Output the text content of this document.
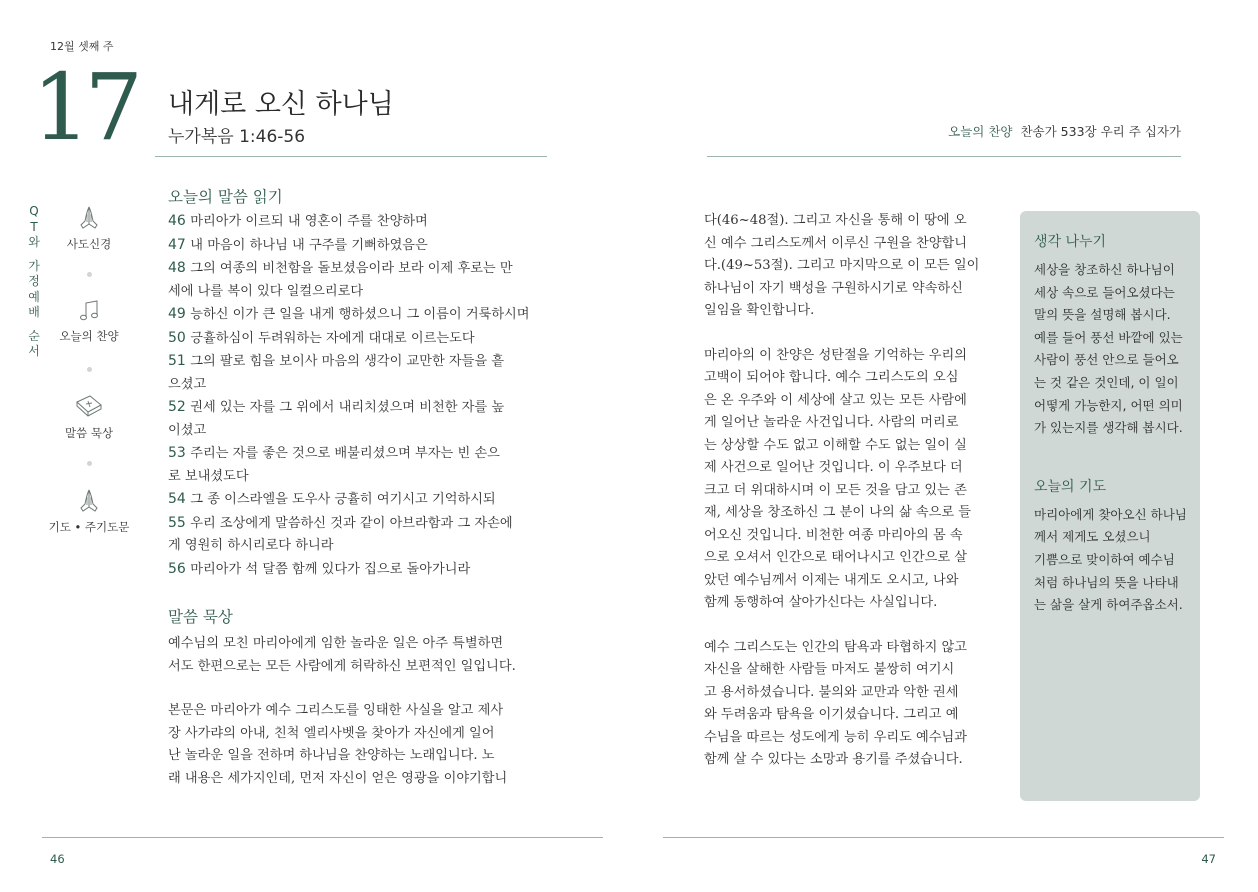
12월 셋째 주
17 내게로 오신 하나님
누가복음 1:46-56	오늘의 찬양 찬송가 533장 우리 주 십자가
Q
T
와
가
정
예
배
순
서
사도신경
오늘의 찬양
말씀 묵상
기도 • 주기도문
오늘의 말씀 읽기
46 마리아가 이르되 내 영혼이 주를 찬양하며
47 내 마음이 하나님 내 구주를 기뻐하였음은
48 그의 여종의 비천함을 돌보셨음이라 보라 이제 후로는 만
세에 나를 복이 있다 일컬으리로다
49 능하신 이가 큰 일을 내게 행하셨으니 그 이름이 거룩하시며
50 긍휼하심이 두려워하는 자에게 대대로 이르는도다
51 그의 팔로 힘을 보이사 마음의 생각이 교만한 자들을 흩
으셨고
52 권세 있는 자를 그 위에서 내리치셨으며 비천한 자를 높
이셨고
53 주리는 자를 좋은 것으로 배불리셨으며 부자는 빈 손으
로 보내셨도다
54 그 종 이스라엘을 도우사 긍휼히 여기시고 기억하시되
55 우리 조상에게 말씀하신 것과 같이 아브라함과 그 자손에
게 영원히 하시리로다 하니라
56 마리아가 석 달쯤 함께 있다가 집으로 돌아가니라
말씀 묵상
예수님의 모친 마리아에게 임한 놀라운 일은 아주 특별하면
서도 한편으로는 모든 사람에게 허락하신 보편적인 일입니다.
본문은 마리아가 예수 그리스도를 잉태한 사실을 알고 제사
장 사가랴의 아내, 친척 엘리사벳을 찾아가 자신에게 일어
난 놀라운 일을 전하며 하나님을 찬양하는 노래입니다. 노
래 내용은 세가지인데, 먼저 자신이 얻은 영광을 이야기합니
다(46~48절). 그리고 자신을 통해 이 땅에 오
신 예수 그리스도께서 이루신 구원을 찬양합니
다.(49~53절). 그리고 마지막으로 이 모든 일이
하나님이 자기 백성을 구원하시기로 약속하신
일임을 확인합니다.
마리아의 이 찬양은 성탄절을 기억하는 우리의
고백이 되어야 합니다. 예수 그리스도의 오심
은 온 우주와 이 세상에 살고 있는 모든 사람에
게 일어난 놀라운 사건입니다. 사람의 머리로
는 상상할 수도 없고 이해할 수도 없는 일이 실
제 사건으로 일어난 것입니다. 이 우주보다 더
크고 더 위대하시며 이 모든 것을 담고 있는 존
재, 세상을 창조하신 그 분이 나의 삶 속으로 들
어오신 것입니다. 비천한 여종 마리아의 몸 속
으로 오셔서 인간으로 태어나시고 인간으로 살
았던 예수님께서 이제는 내게도 오시고, 나와
함께 동행하여 살아가신다는 사실입니다.
예수 그리스도는 인간의 탐욕과 타협하지 않고
자신을 살해한 사람들 마저도 불쌍히 여기시
고 용서하셨습니다. 불의와 교만과 악한 권세
와 두려움과 탐욕을 이기셨습니다. 그리고 예
수님을 따르는 성도에게 능히 우리도 예수님과
함께 살 수 있다는 소망과 용기를 주셨습니다.
생각 나누기
세상을 창조하신 하나님이
세상 속으로 들어오셨다는
말의 뜻을 설명해 봅시다.
예를 들어 풍선 바깥에 있는
사람이 풍선 안으로 들어오
는 것 같은 것인데, 이 일이
어떻게 가능한지, 어떤 의미
가 있는지를 생각해 봅시다.
오늘의 기도
마리아에게 찾아오신 하나님
께서 제게도 오셨으니
기쁨으로 맞이하여 예수님
처럼 하나님의 뜻을 나타내
는 삶을 살게 하여주옵소서.
46	47
